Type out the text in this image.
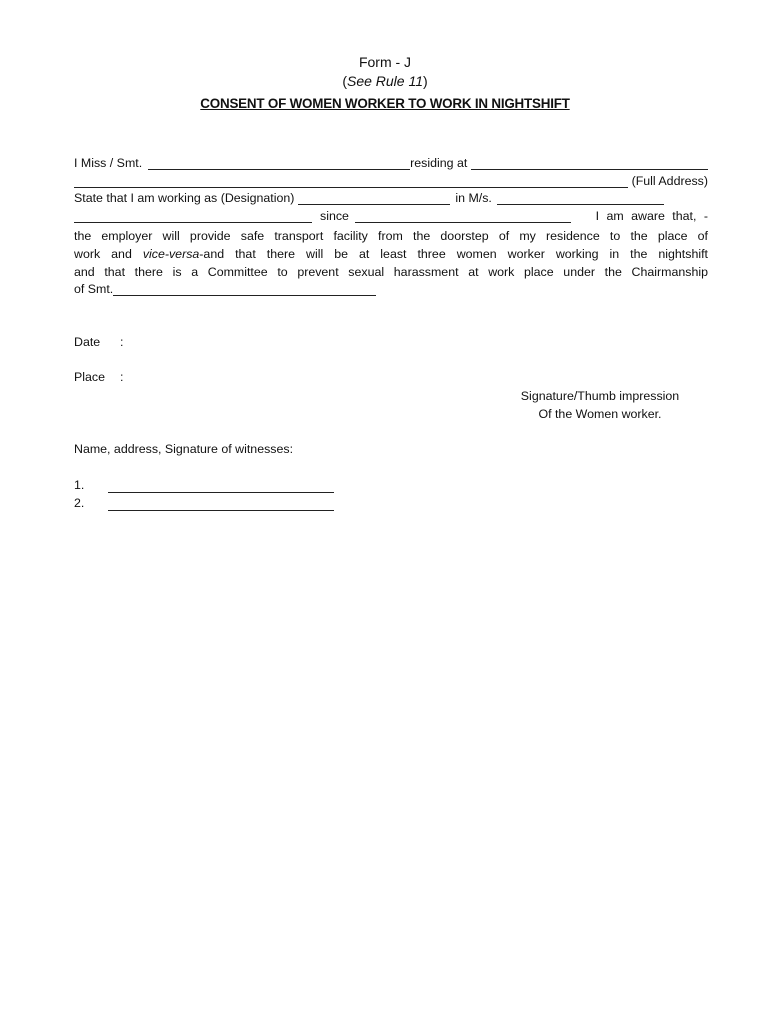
Form - J
(See Rule 11)
CONSENT OF WOMEN WORKER TO WORK IN NIGHTSHIFT
I Miss / Smt.	residing at
(Full Address)
State that I am working as (Designation)	in M/s.
since	I am aware that, -
the employer will provide safe transport facility from the doorstep of my residence to the place of
work and vice-versa-and that there will be at least three women worker working in the nightshift
and that there is a Committee to prevent sexual harassment at work place under the Chairmanship
of Smt.
Date :
Place :
Signature/Thumb impression
Of the Women worker.
Name, address, Signature of witnesses:
1.
2.
